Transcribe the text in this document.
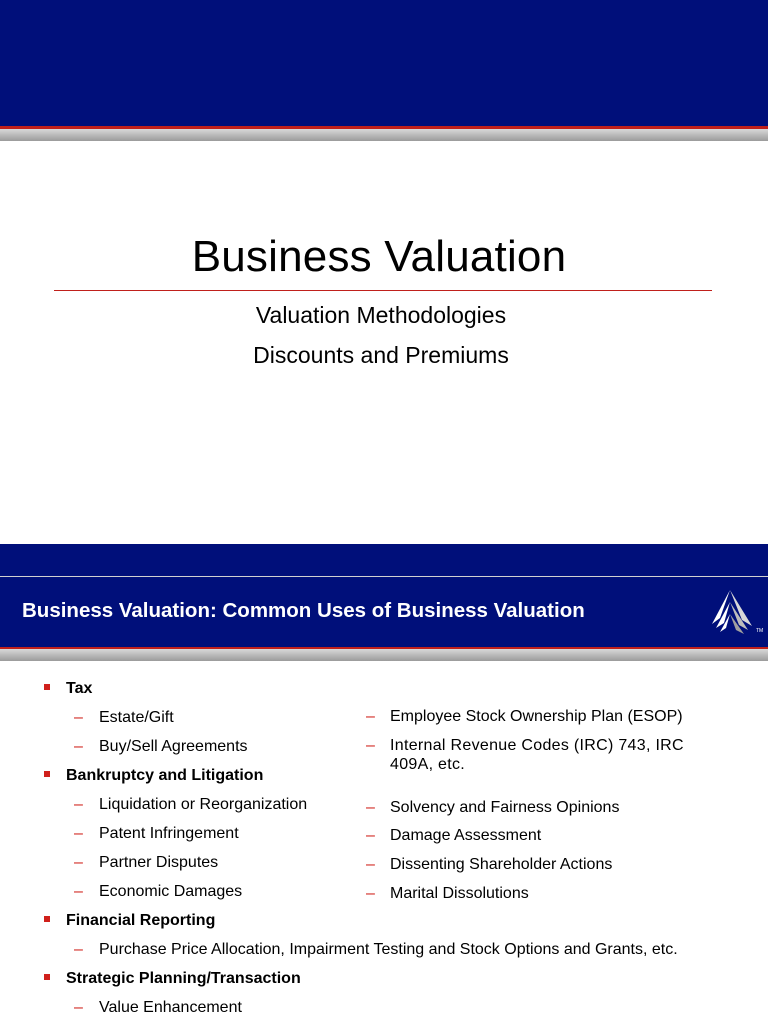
Business Valuation
Valuation Methodologies
Discounts and Premiums
Business Valuation: Common Uses of Business Valuation
TM
Tax
– Estate/Gift
– Buy/Sell Agreements
Bankruptcy and Litigation
– Liquidation or Reorganization
– Patent Infringement
– Partner Disputes
– Economic Damages
Financial Reporting
– Purchase Price Allocation, Impairment Testing and Stock Options and Grants, etc.
Strategic Planning/Transaction
– Value Enhancement
– Employee Stock Ownership Plan (ESOP)
– Internal Revenue Codes (IRC) 743, IRC 409A, etc.
– Solvency and Fairness Opinions
– Damage Assessment
– Dissenting Shareholder Actions
– Marital Dissolutions
